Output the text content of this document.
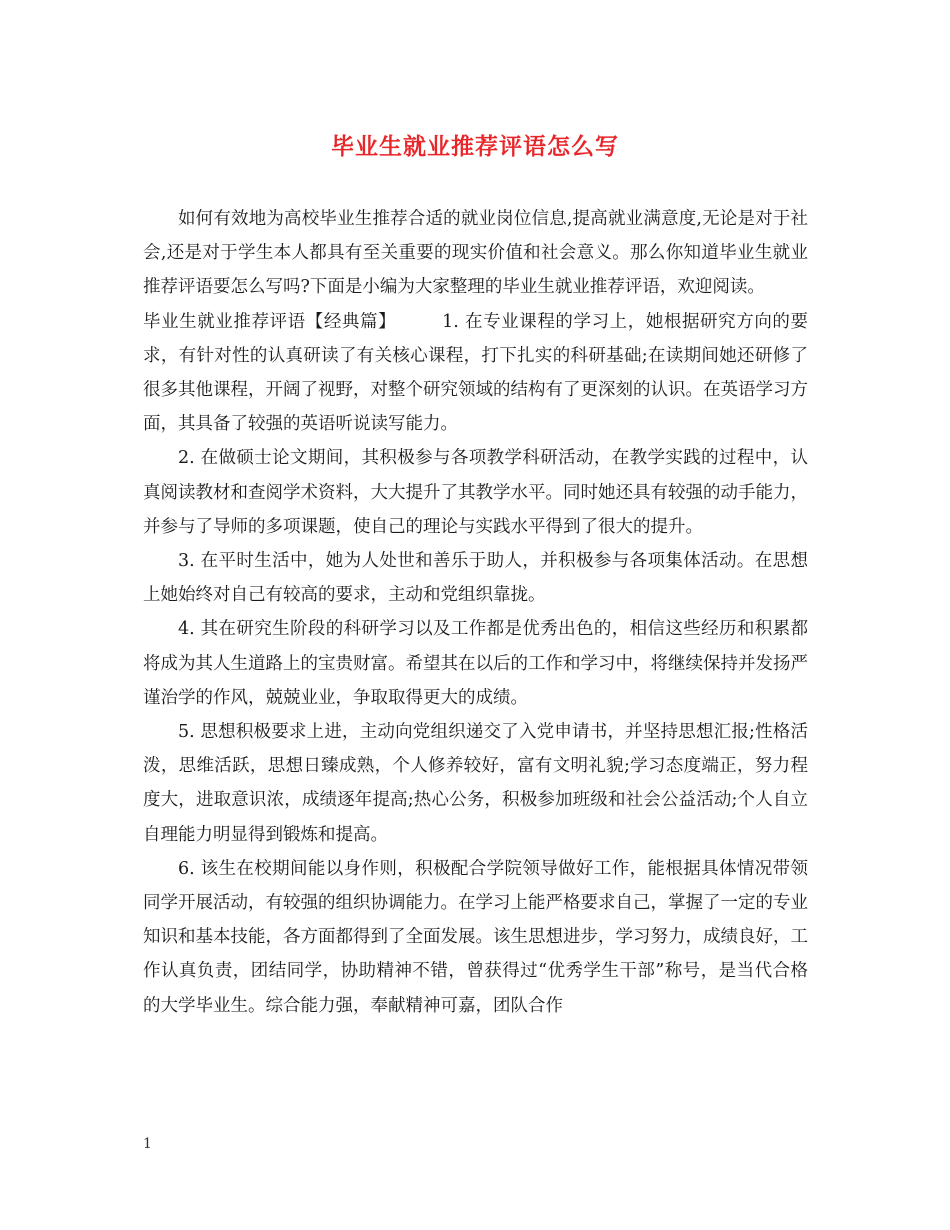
毕业生就业推荐评语怎么写

如何有效地为高校毕业生推荐合适的就业岗位信息,提高就业满意度,无论是对于社会,还是对于学生本人都具有至关重要的现实价值和社会意义。那么你知道毕业生就业推荐评语要怎么写吗?下面是小编为大家整理的毕业生就业推荐评语，欢迎阅读。

毕业生就业推荐评语【经典篇】	1. 在专业课程的学习上，她根据研究方向的要求，有针对性的认真研读了有关核心课程，打下扎实的科研基础;在读期间她还研修了很多其他课程，开阔了视野，对整个研究领域的结构有了更深刻的认识。在英语学习方面，其具备了较强的英语听说读写能力。

2. 在做硕士论文期间，其积极参与各项教学科研活动，在教学实践的过程中，认真阅读教材和查阅学术资料，大大提升了其教学水平。同时她还具有较强的动手能力，并参与了导师的多项课题，使自己的理论与实践水平得到了很大的提升。

3. 在平时生活中，她为人处世和善乐于助人，并积极参与各项集体活动。在思想上她始终对自己有较高的要求，主动和党组织靠拢。

4. 其在研究生阶段的科研学习以及工作都是优秀出色的，相信这些经历和积累都将成为其人生道路上的宝贵财富。希望其在以后的工作和学习中，将继续保持并发扬严谨治学的作风，兢兢业业，争取取得更大的成绩。

5. 思想积极要求上进，主动向党组织递交了入党申请书，并坚持思想汇报;性格活泼，思维活跃，思想日臻成熟，个人修养较好，富有文明礼貌;学习态度端正，努力程度大，进取意识浓，成绩逐年提高;热心公务，积极参加班级和社会公益活动;个人自立自理能力明显得到锻炼和提高。

6. 该生在校期间能以身作则，积极配合学院领导做好工作，能根据具体情况带领同学开展活动，有较强的组织协调能力。在学习上能严格要求自己，掌握了一定的专业知识和基本技能，各方面都得到了全面发展。该生思想进步，学习努力，成绩良好，工作认真负责，团结同学，协助精神不错，曾获得过“优秀学生干部”称号，是当代合格的大学毕业生。综合能力强，奉献精神可嘉，团队合作

1
